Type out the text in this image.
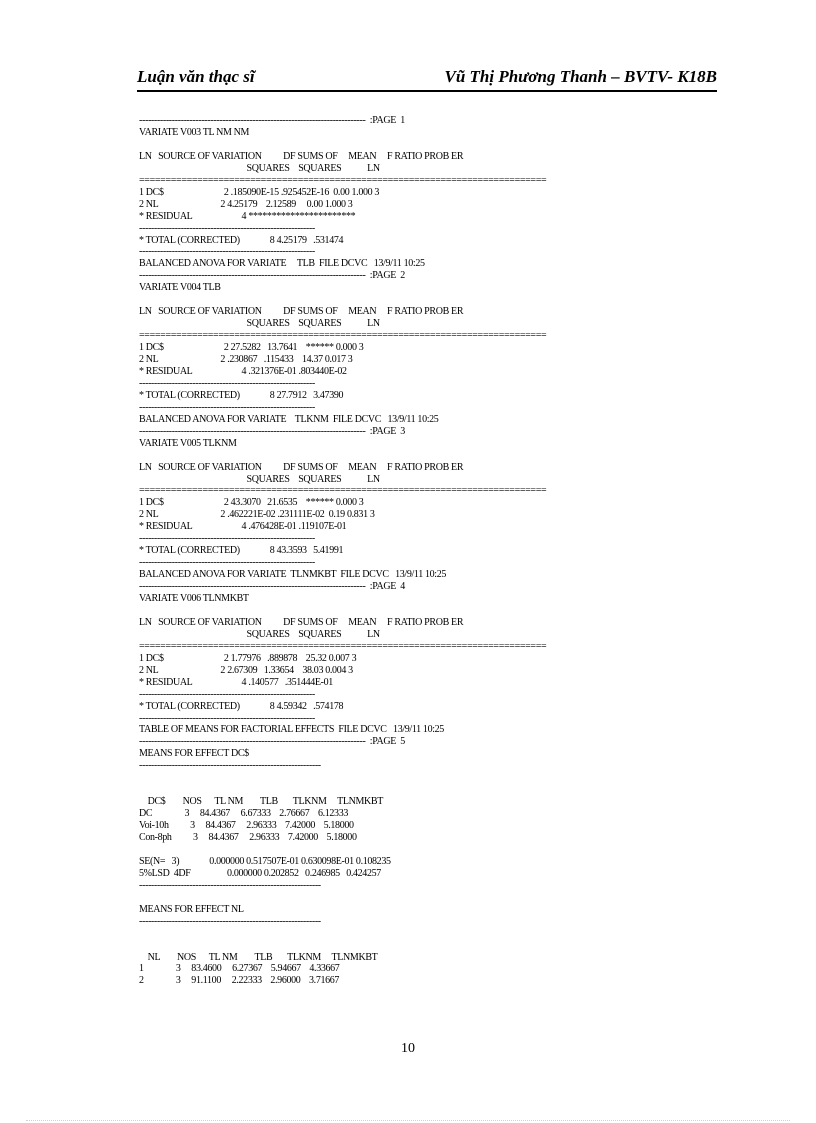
Luận văn thạc sĩ	Vũ Thị Phương Thanh – BVTV- K18B
----------------------------------------------------------------------------  :PAGE  1
VARIATE V003 TL NM NM
LN   SOURCE OF VARIATION          DF SUMS OF     MEAN     F RATIO PROB ER
SQUARES    SQUARES            LN
=============================================================================
1 DC$                            2 .185090E-15 .925452E-16  0.00 1.000 3
2 NL                             2 4.25179    2.12589     0.00 1.000 3
* RESIDUAL                       4 ***********************
-----------------------------------------------------------
* TOTAL (CORRECTED)              8 4.25179   .531474
-----------------------------------------------------------
BALANCED ANOVA FOR VARIATE     TLB  FILE DCVC   13/9/11 10:25
----------------------------------------------------------------------------  :PAGE  2
VARIATE V004 TLB
LN   SOURCE OF VARIATION          DF SUMS OF     MEAN     F RATIO PROB ER
SQUARES    SQUARES            LN
=============================================================================
1 DC$                            2 27.5282   13.7641    ****** 0.000 3
2 NL                             2 .230867   .115433    14.37 0.017 3
* RESIDUAL                       4 .321376E-01 .803440E-02
-----------------------------------------------------------
* TOTAL (CORRECTED)              8 27.7912   3.47390
-----------------------------------------------------------
BALANCED ANOVA FOR VARIATE    TLKNM  FILE DCVC   13/9/11 10:25
----------------------------------------------------------------------------  :PAGE  3
VARIATE V005 TLKNM
LN   SOURCE OF VARIATION          DF SUMS OF     MEAN     F RATIO PROB ER
SQUARES    SQUARES            LN
=============================================================================
1 DC$                            2 43.3070   21.6535    ****** 0.000 3
2 NL                             2 .462221E-02 .231111E-02  0.19 0.831 3
* RESIDUAL                       4 .476428E-01 .119107E-01
-----------------------------------------------------------
* TOTAL (CORRECTED)              8 43.3593   5.41991
-----------------------------------------------------------
BALANCED ANOVA FOR VARIATE  TLNMKBT  FILE DCVC   13/9/11 10:25
----------------------------------------------------------------------------  :PAGE  4
VARIATE V006 TLNMKBT
LN   SOURCE OF VARIATION          DF SUMS OF     MEAN     F RATIO PROB ER
SQUARES    SQUARES            LN
=============================================================================
1 DC$                            2 1.77976   .889878    25.32 0.007 3
2 NL                             2 2.67309   1.33654    38.03 0.004 3
* RESIDUAL                       4 .140577   .351444E-01
-----------------------------------------------------------
* TOTAL (CORRECTED)              8 4.59342   .574178
-----------------------------------------------------------
TABLE OF MEANS FOR FACTORIAL EFFECTS  FILE DCVC   13/9/11 10:25
----------------------------------------------------------------------------  :PAGE  5
MEANS FOR EFFECT DC$
-------------------------------------------------------------
DC$        NOS      TL NM        TLB       TLKNM     TLNMKBT
DC               3     84.4367     6.67333    2.76667    6.12333
Voi-10h          3     84.4367     2.96333    7.42000    5.18000
Con-8ph          3     84.4367     2.96333    7.42000    5.18000
SE(N=   3)              0.000000 0.517507E-01 0.630098E-01 0.108235
5%LSD  4DF                 0.000000 0.202852   0.246985   0.424257
-------------------------------------------------------------
MEANS FOR EFFECT NL
-------------------------------------------------------------
NL        NOS      TL NM        TLB       TLKNM     TLNMKBT
1               3     83.4600     6.27367    5.94667    4.33667
2               3     91.1100     2.22333    2.96000    3.71667
10
